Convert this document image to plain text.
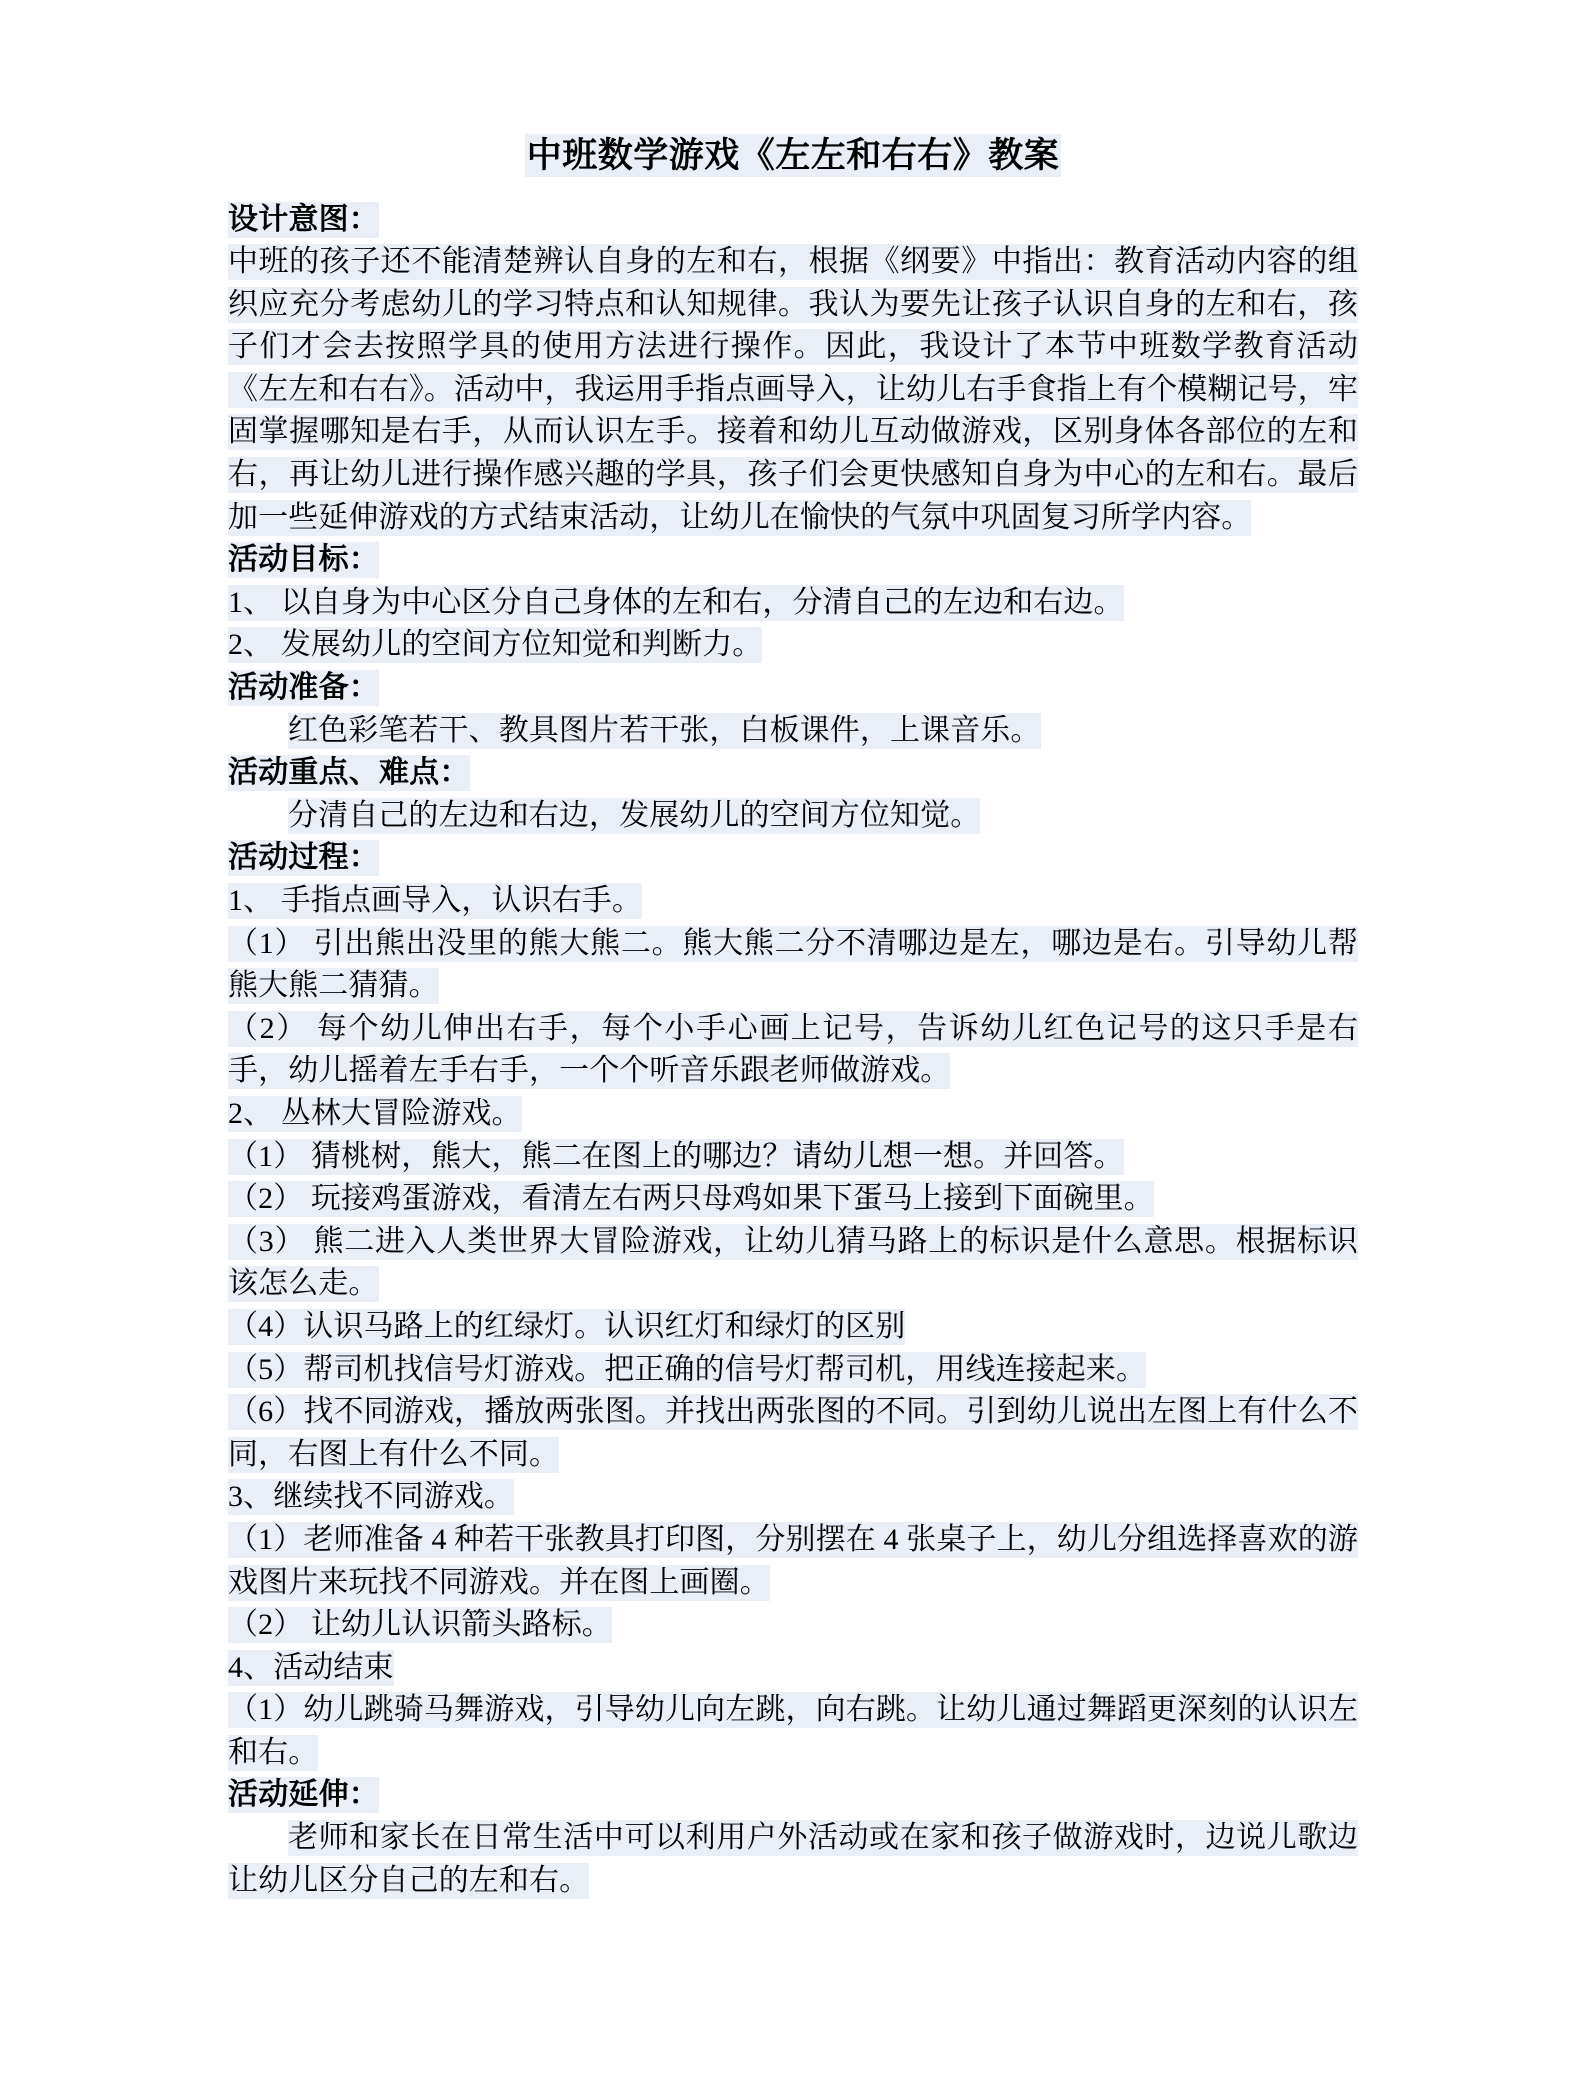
中班数学游戏《左左和右右》教案

设计意图：

中班的孩子还不能清楚辨认自身的左和右，根据《纲要》中指出：教育活动内容的组织应充分考虑幼儿的学习特点和认知规律。我认为要先让孩子认识自身的左和右，孩子们才会去按照学具的使用方法进行操作。因此，我设计了本节中班数学教育活动《左左和右右》。活动中，我运用手指点画导入，让幼儿右手食指上有个模糊记号，牢固掌握哪知是右手，从而认识左手。接着和幼儿互动做游戏，区别身体各部位的左和右，再让幼儿进行操作感兴趣的学具，孩子们会更快感知自身为中心的左和右。最后加一些延伸游戏的方式结束活动，让幼儿在愉快的气氛中巩固复习所学内容。

活动目标：

1、 以自身为中心区分自己身体的左和右，分清自己的左边和右边。

2、 发展幼儿的空间方位知觉和判断力。

活动准备：

红色彩笔若干、教具图片若干张，白板课件，上课音乐。

活动重点、难点：

分清自己的左边和右边，发展幼儿的空间方位知觉。

活动过程：

1、 手指点画导入，认识右手。

（1） 引出熊出没里的熊大熊二。熊大熊二分不清哪边是左，哪边是右。引导幼儿帮熊大熊二猜猜。

（2） 每个幼儿伸出右手，每个小手心画上记号，告诉幼儿红色记号的这只手是右手，幼儿摇着左手右手，一个个听音乐跟老师做游戏。

2、 丛林大冒险游戏。

（1） 猜桃树，熊大，熊二在图上的哪边？请幼儿想一想。并回答。

（2） 玩接鸡蛋游戏，看清左右两只母鸡如果下蛋马上接到下面碗里。

（3） 熊二进入人类世界大冒险游戏，让幼儿猜马路上的标识是什么意思。根据标识该怎么走。

（4）认识马路上的红绿灯。认识红灯和绿灯的区别

（5）帮司机找信号灯游戏。把正确的信号灯帮司机，用线连接起来。

（6）找不同游戏，播放两张图。并找出两张图的不同。引到幼儿说出左图上有什么不同，右图上有什么不同。

3、继续找不同游戏。

（1）老师准备 4 种若干张教具打印图，分别摆在 4 张桌子上，幼儿分组选择喜欢的游戏图片来玩找不同游戏。并在图上画圈。

（2） 让幼儿认识箭头路标。

4、活动结束

（1）幼儿跳骑马舞游戏，引导幼儿向左跳，向右跳。让幼儿通过舞蹈更深刻的认识左和右。

活动延伸：

老师和家长在日常生活中可以利用户外活动或在家和孩子做游戏时，边说儿歌边让幼儿区分自己的左和右。
